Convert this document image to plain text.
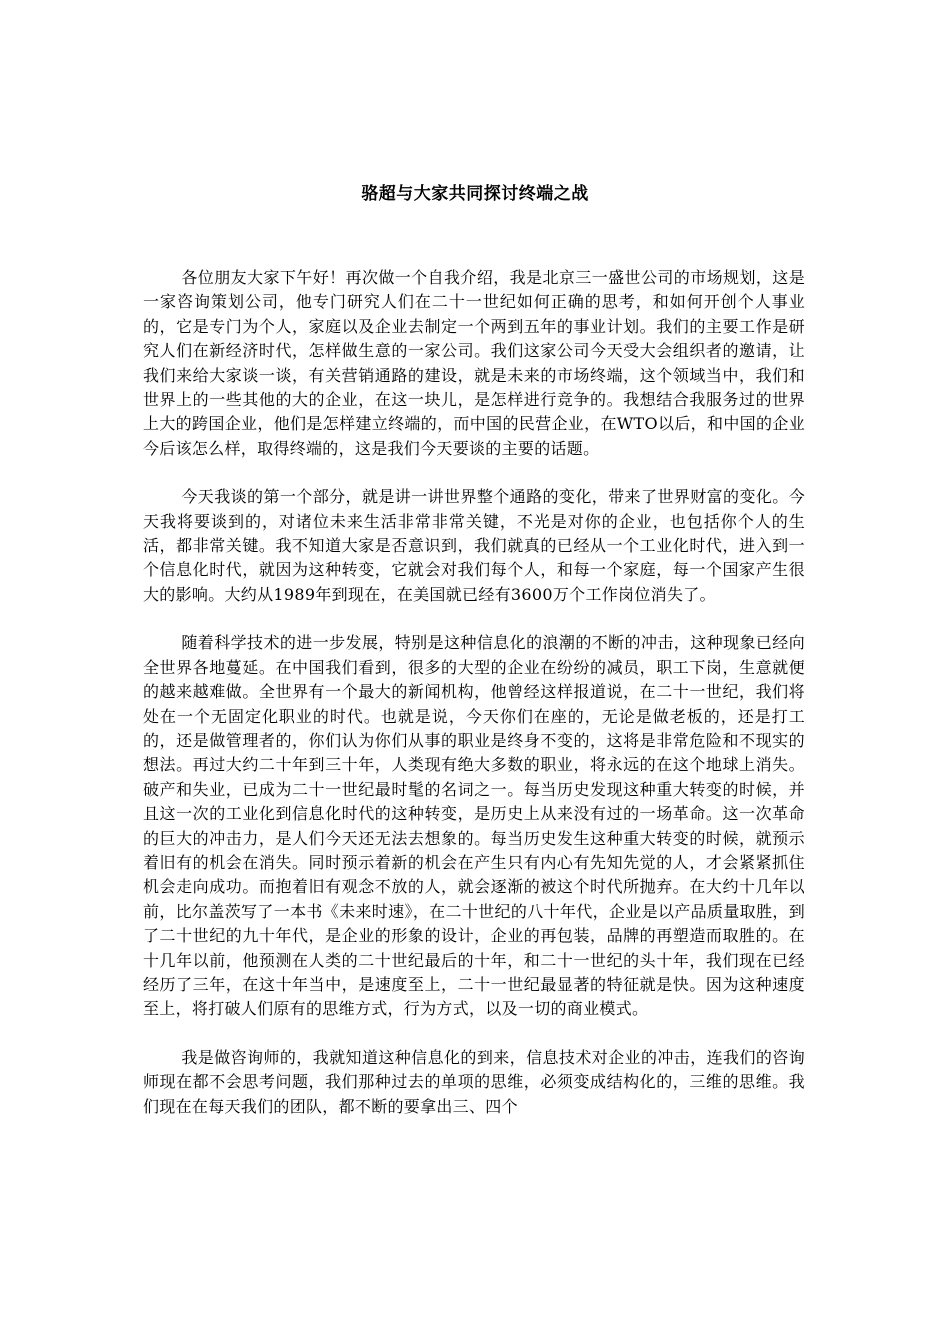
骆超与大家共同探讨终端之战

各位朋友大家下午好！再次做一个自我介绍，我是北京三一盛世公司的市场规划，这是一家咨询策划公司，他专门研究人们在二十一世纪如何正确的思考，和如何开创个人事业的，它是专门为个人，家庭以及企业去制定一个两到五年的事业计划。我们的主要工作是研究人们在新经济时代，怎样做生意的一家公司。我们这家公司今天受大会组织者的邀请，让我们来给大家谈一谈，有关营销通路的建设，就是未来的市场终端，这个领域当中，我们和世界上的一些其他的大的企业，在这一块儿，是怎样进行竞争的。我想结合我服务过的世界上大的跨国企业，他们是怎样建立终端的，而中国的民营企业，在WTO以后，和中国的企业今后该怎么样，取得终端的，这是我们今天要谈的主要的话题。

今天我谈的第一个部分，就是讲一讲世界整个通路的变化，带来了世界财富的变化。今天我将要谈到的，对诸位未来生活非常非常关键，不光是对你的企业，也包括你个人的生活，都非常关键。我不知道大家是否意识到，我们就真的已经从一个工业化时代，进入到一个信息化时代，就因为这种转变，它就会对我们每个人，和每一个家庭，每一个国家产生很大的影响。大约从1989年到现在，在美国就已经有3600万个工作岗位消失了。

随着科学技术的进一步发展，特别是这种信息化的浪潮的不断的冲击，这种现象已经向全世界各地蔓延。在中国我们看到，很多的大型的企业在纷纷的减员，职工下岗，生意就便的越来越难做。全世界有一个最大的新闻机构，他曾经这样报道说，在二十一世纪，我们将处在一个无固定化职业的时代。也就是说，今天你们在座的，无论是做老板的，还是打工的，还是做管理者的，你们认为你们从事的职业是终身不变的，这将是非常危险和不现实的想法。再过大约二十年到三十年，人类现有绝大多数的职业，将永远的在这个地球上消失。破产和失业，已成为二十一世纪最时髦的名词之一。每当历史发现这种重大转变的时候，并且这一次的工业化到信息化时代的这种转变，是历史上从来没有过的一场革命。这一次革命的巨大的冲击力，是人们今天还无法去想象的。每当历史发生这种重大转变的时候，就预示着旧有的机会在消失。同时预示着新的机会在产生只有内心有先知先觉的人，才会紧紧抓住机会走向成功。而抱着旧有观念不放的人，就会逐渐的被这个时代所抛弃。在大约十几年以前，比尔盖茨写了一本书《未来时速》，在二十世纪的八十年代，企业是以产品质量取胜，到了二十世纪的九十年代，是企业的形象的设计，企业的再包装，品牌的再塑造而取胜的。在十几年以前，他预测在人类的二十世纪最后的十年，和二十一世纪的头十年，我们现在已经经历了三年，在这十年当中，是速度至上，二十一世纪最显著的特征就是快。因为这种速度至上，将打破人们原有的思维方式，行为方式，以及一切的商业模式。

我是做咨询师的，我就知道这种信息化的到来，信息技术对企业的冲击，连我们的咨询师现在都不会思考问题，我们那种过去的单项的思维，必须变成结构化的，三维的思维。我们现在在每天我们的团队，都不断的要拿出三、四个
